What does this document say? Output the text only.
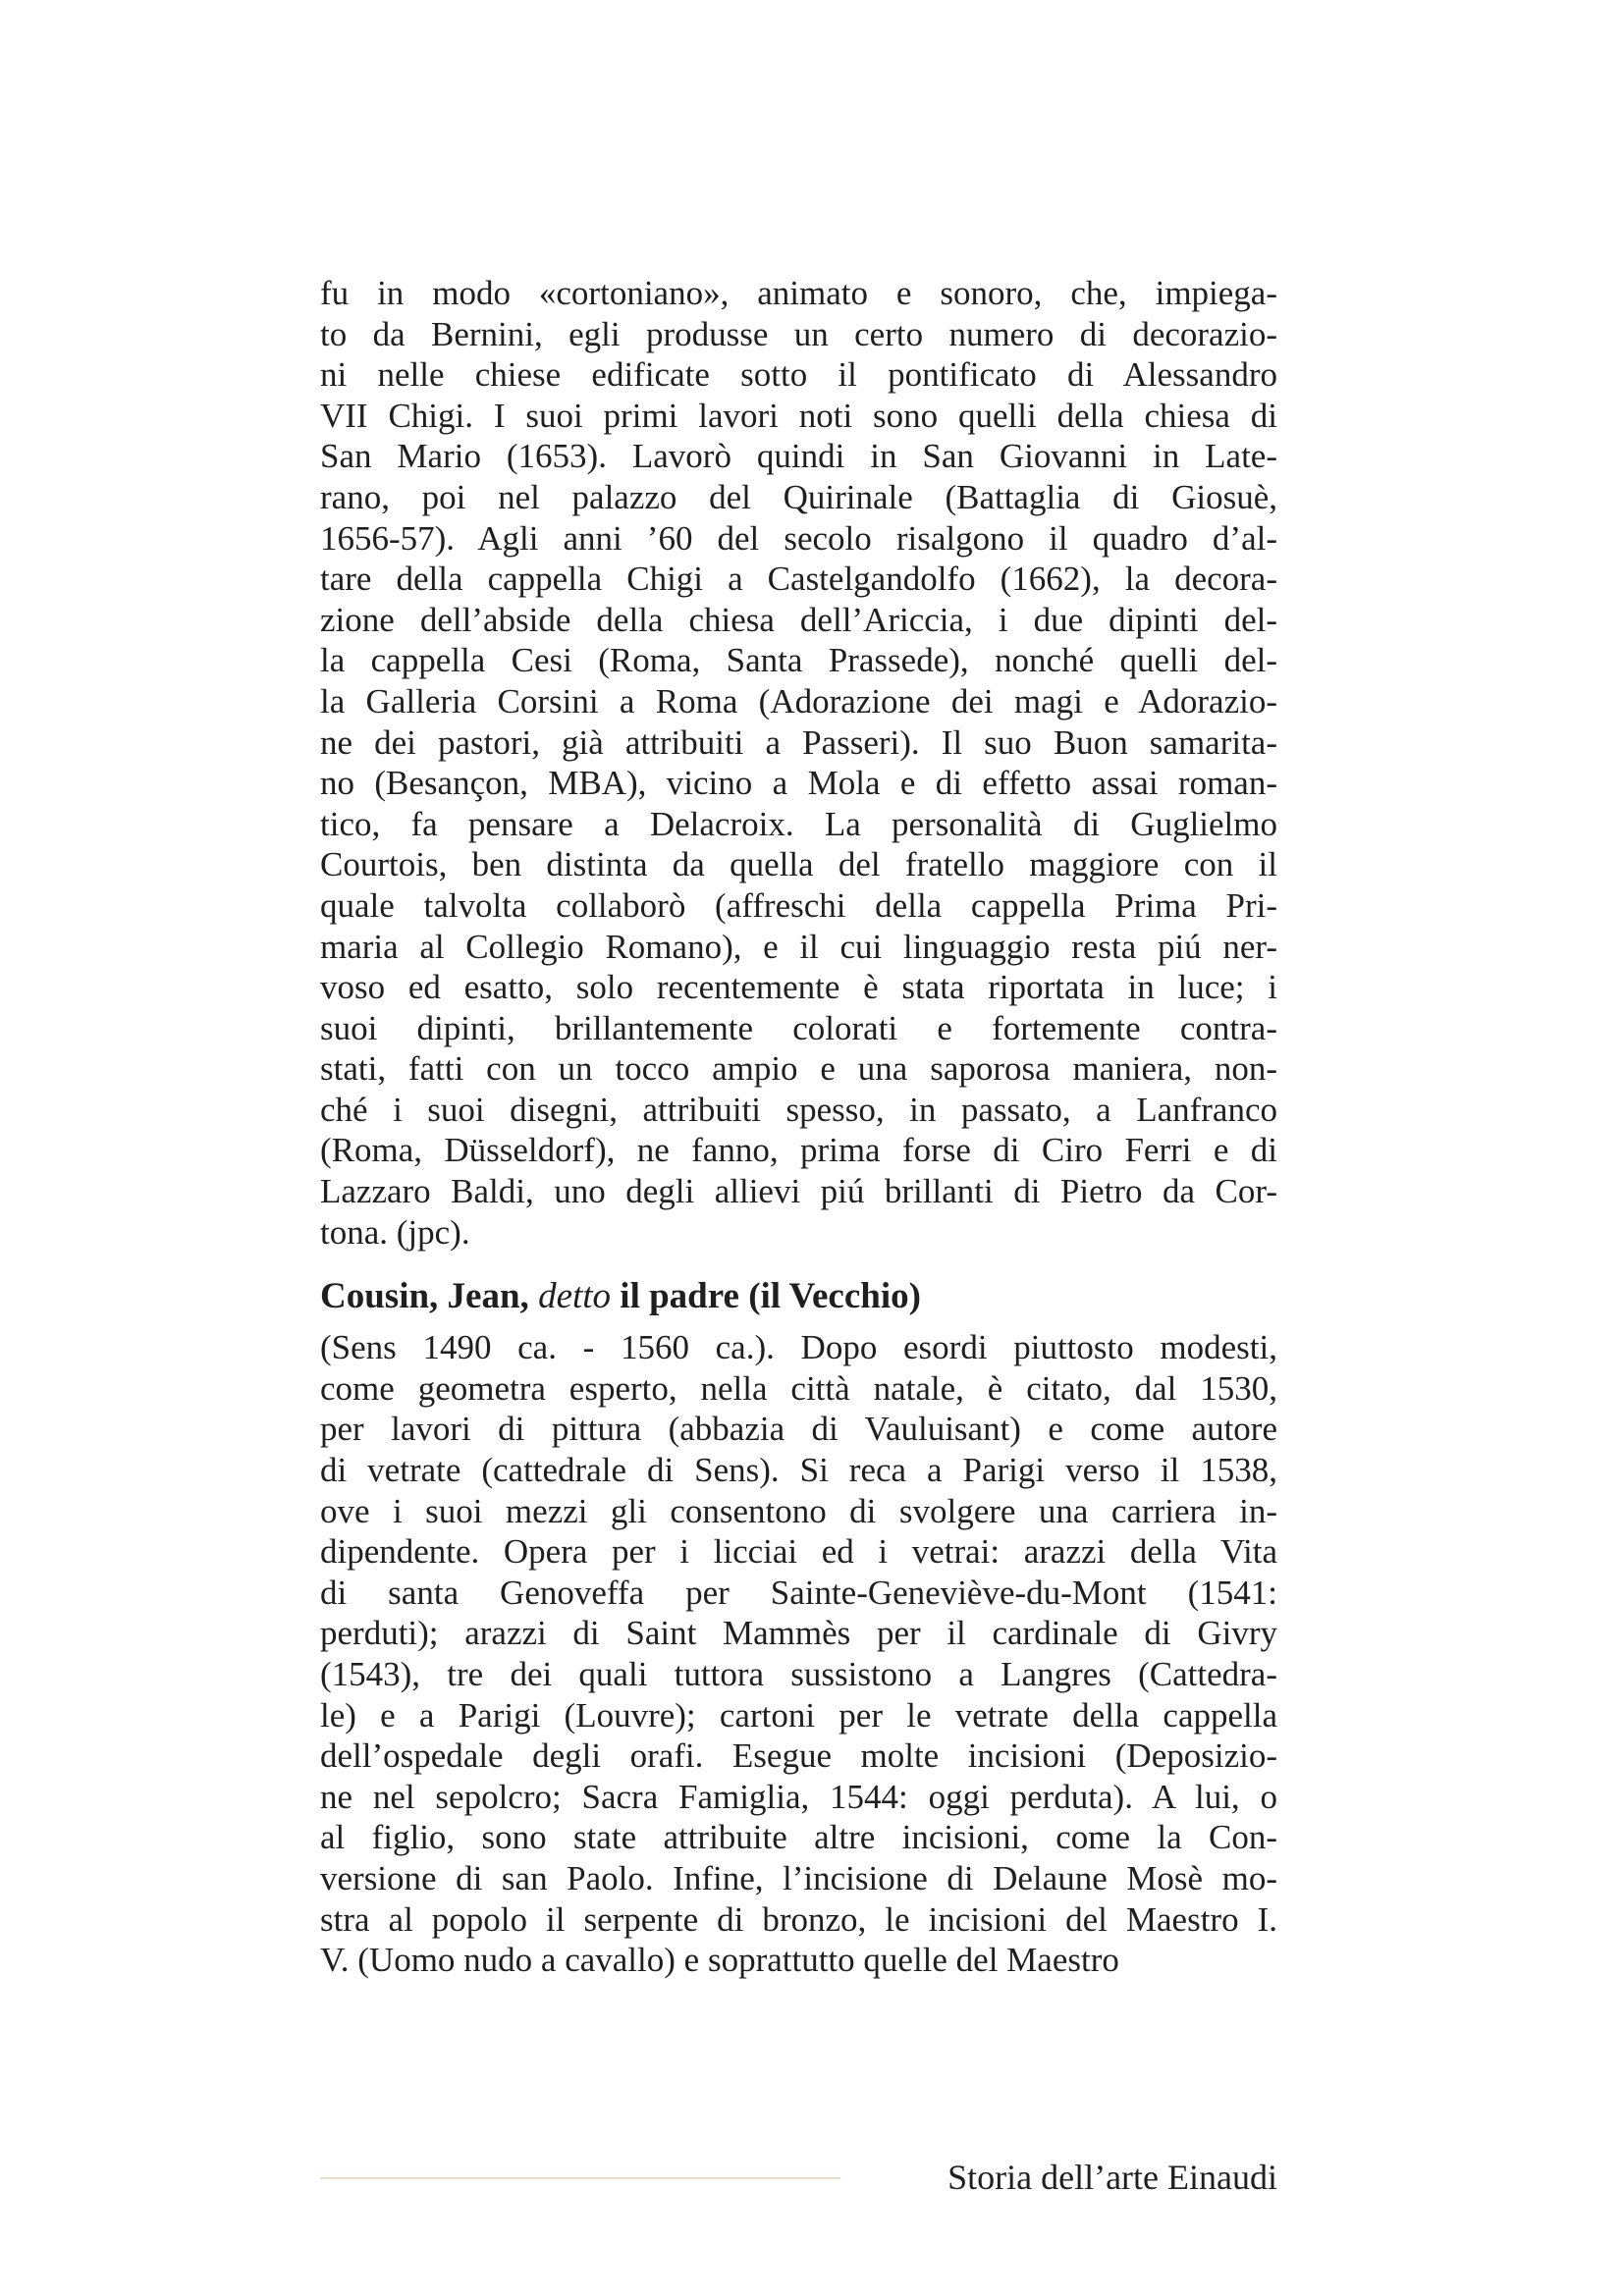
fu in modo «cortoniano», animato e sonoro, che, impiega-
to da Bernini, egli produsse un certo numero di decorazio-
ni nelle chiese edificate sotto il pontificato di Alessandro
VII Chigi. I suoi primi lavori noti sono quelli della chiesa di
San Mario (1653). Lavorò quindi in San Giovanni in Late-
rano, poi nel palazzo del Quirinale (Battaglia di Giosuè,
1656-57). Agli anni ’60 del secolo risalgono il quadro d’al-
tare della cappella Chigi a Castelgandolfo (1662), la decora-
zione dell’abside della chiesa dell’Ariccia, i due dipinti del-
la cappella Cesi (Roma, Santa Prassede), nonché quelli del-
la Galleria Corsini a Roma (Adorazione dei magi e Adorazio-
ne dei pastori, già attribuiti a Passeri). Il suo Buon samarita-
no (Besançon, MBA), vicino a Mola e di effetto assai roman-
tico, fa pensare a Delacroix. La personalità di Guglielmo
Courtois, ben distinta da quella del fratello maggiore con il
quale talvolta collaborò (affreschi della cappella Prima Pri-
maria al Collegio Romano), e il cui linguaggio resta piú ner-
voso ed esatto, solo recentemente è stata riportata in luce; i
suoi dipinti, brillantemente colorati e fortemente contra-
stati, fatti con un tocco ampio e una saporosa maniera, non-
ché i suoi disegni, attribuiti spesso, in passato, a Lanfranco
(Roma, Düsseldorf), ne fanno, prima forse di Ciro Ferri e di
Lazzaro Baldi, uno degli allievi piú brillanti di Pietro da Cor-
tona. (jpc).
Cousin, Jean, detto il padre (il Vecchio)
(Sens 1490 ca. - 1560 ca.). Dopo esordi piuttosto modesti,
come geometra esperto, nella città natale, è citato, dal 1530,
per lavori di pittura (abbazia di Vauluisant) e come autore
di vetrate (cattedrale di Sens). Si reca a Parigi verso il 1538,
ove i suoi mezzi gli consentono di svolgere una carriera in-
dipendente. Opera per i licciai ed i vetrai: arazzi della Vita
di santa Genoveffa per Sainte-Geneviève-du-Mont (1541:
perduti); arazzi di Saint Mammès per il cardinale di Givry
(1543), tre dei quali tuttora sussistono a Langres (Cattedra-
le) e a Parigi (Louvre); cartoni per le vetrate della cappella
dell’ospedale degli orafi. Esegue molte incisioni (Deposizio-
ne nel sepolcro; Sacra Famiglia, 1544: oggi perduta). A lui, o
al figlio, sono state attribuite altre incisioni, come la Con-
versione di san Paolo. Infine, l’incisione di Delaune Mosè mo-
stra al popolo il serpente di bronzo, le incisioni del Maestro I.
V. (Uomo nudo a cavallo) e soprattutto quelle del Maestro
Storia dell’arte Einaudi
